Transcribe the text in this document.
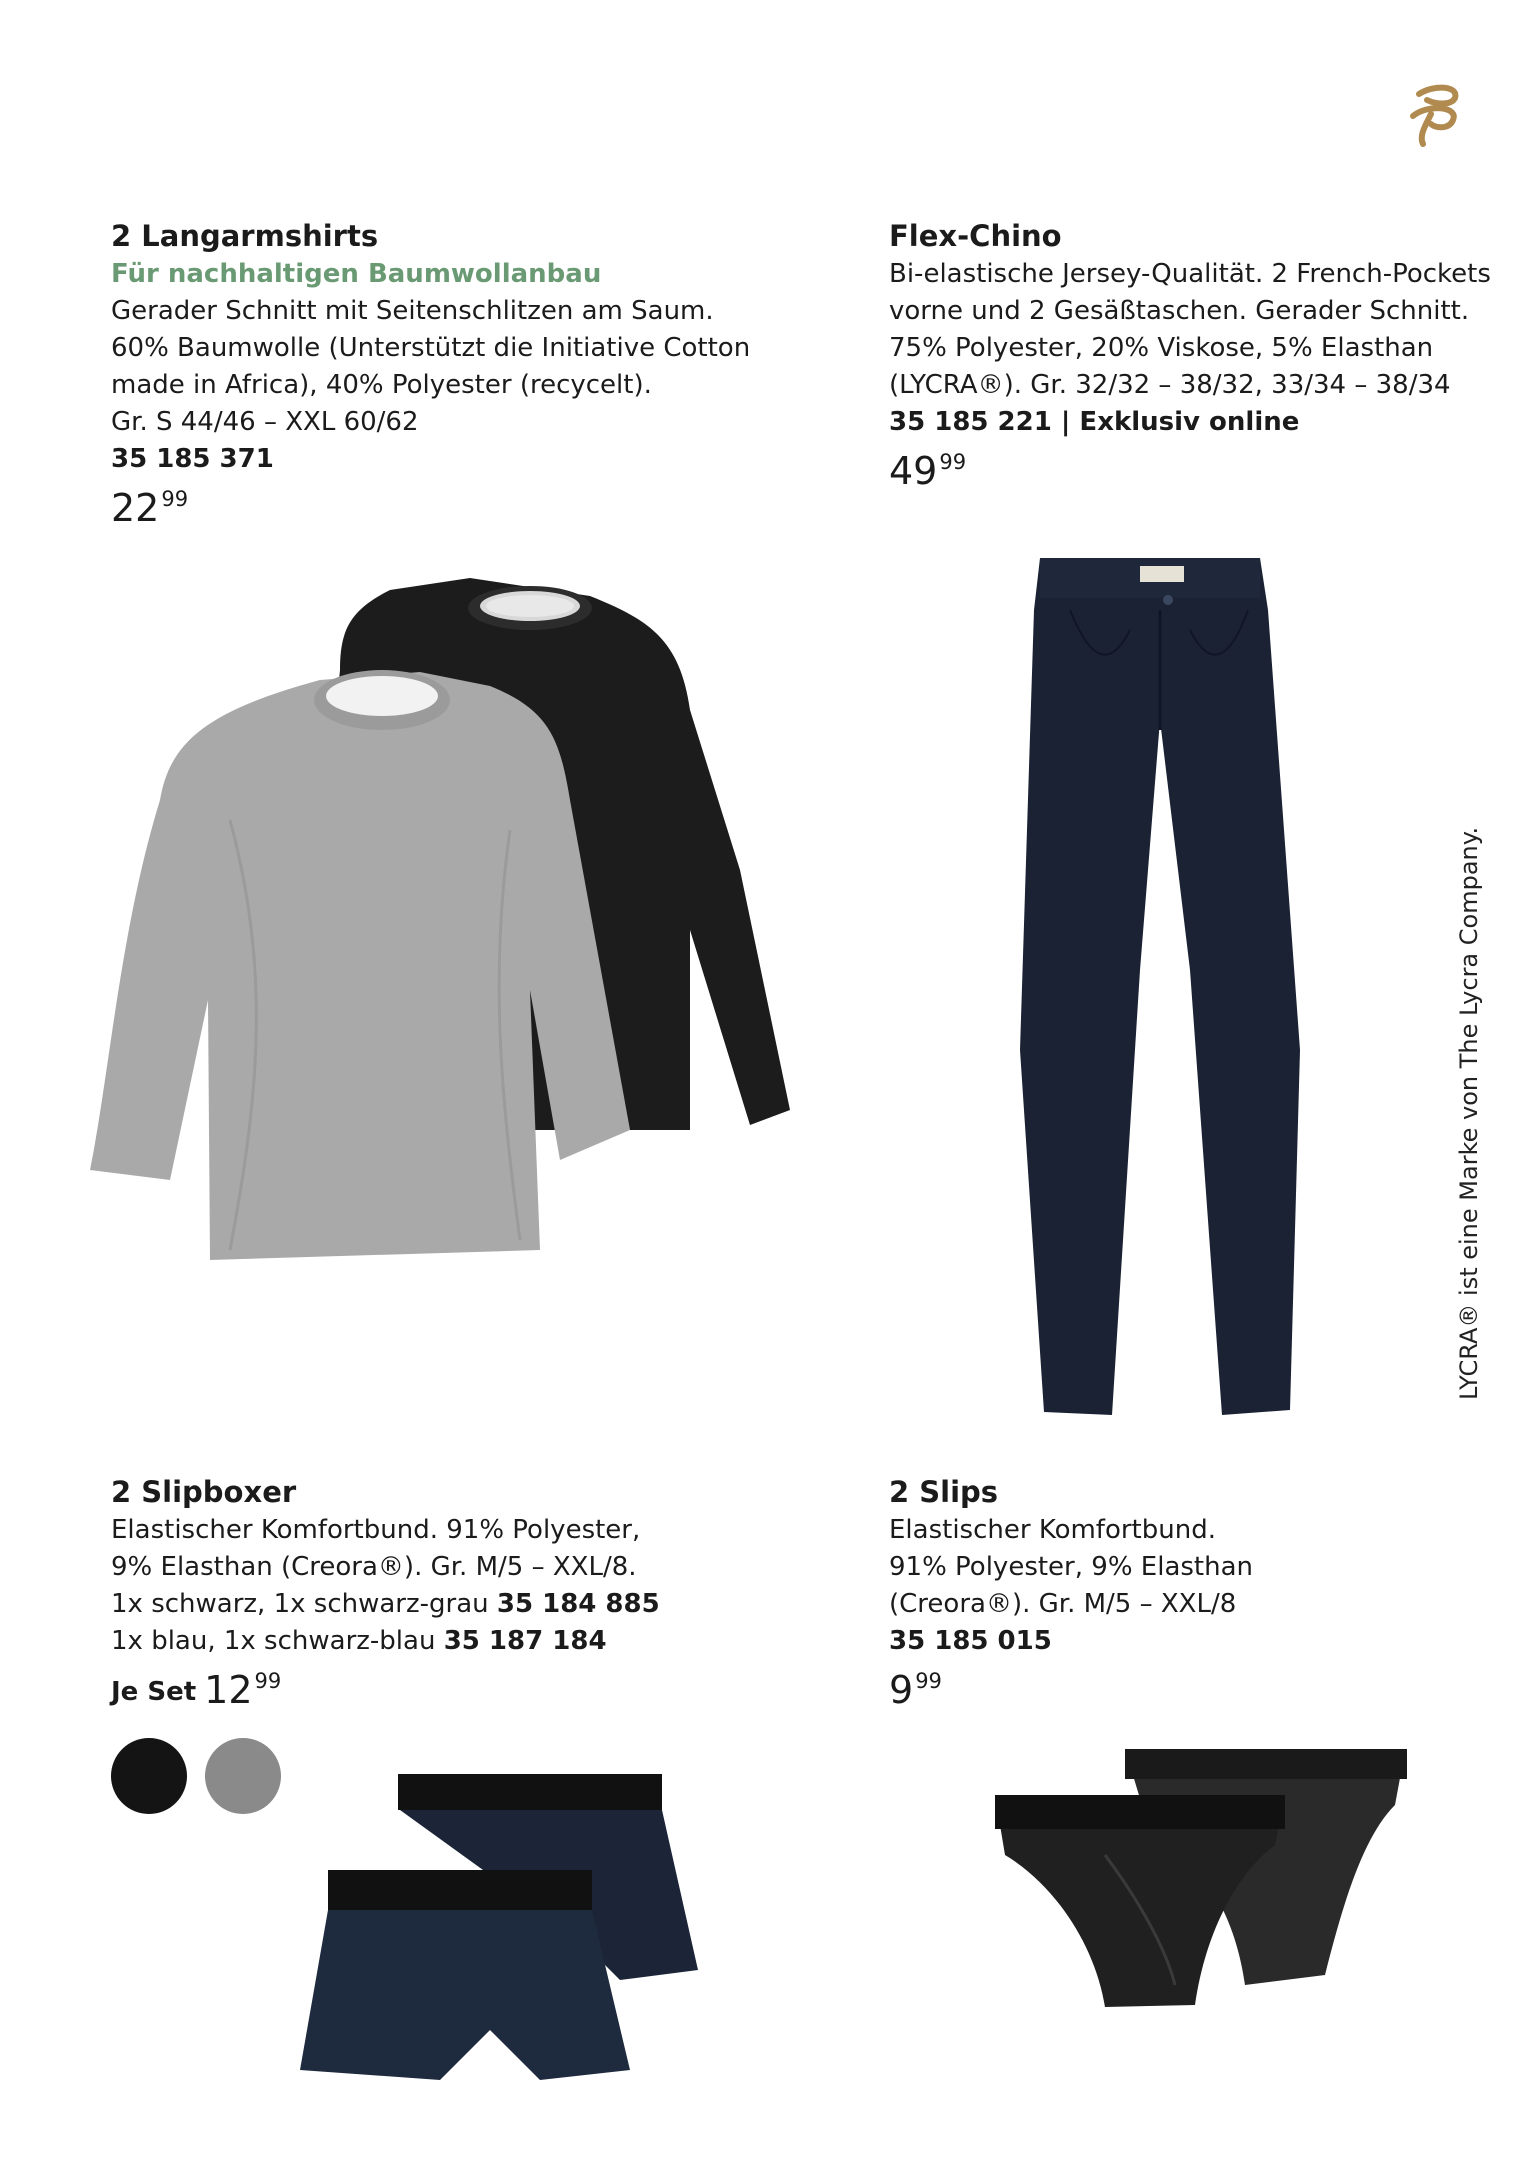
2 Langarmshirts
Für nachhaltigen Baumwollanbau
Gerader Schnitt mit Seitenschlitzen am Saum.
60% Baumwolle (Unterstützt die Initiative Cotton
made in Africa), 40% Polyester (recycelt).
Gr. S 44/46 – XXL 60/62
35 185 371
$22^{99}$
Flex-Chino
Bi-elastische Jersey-Qualität. 2 French-Pockets
vorne und 2 Gesäßtaschen. Gerader Schnitt.
75% Polyester, 20% Viskose, 5% Elasthan
(LYCRA®). Gr. 32/32 – 38/32, 33/34 – 38/34
35 185 221 | Exklusiv online
$49^{99}$
LYCRA® ist eine Marke von The Lycra Company.
2 Slipboxer
Elastischer Komfortbund. 91% Polyester,
9% Elasthan (Creora®). Gr. M/5 – XXL/8.
1x schwarz, 1x schwarz-grau 35 184 885
1x blau, 1x schwarz-blau 35 187 184
Je Set $12^{99}$
2 Slips
Elastischer Komfortbund.
91% Polyester, 9% Elasthan
(Creora®). Gr. M/5 – XXL/8
35 185 015
$9^{99}$
